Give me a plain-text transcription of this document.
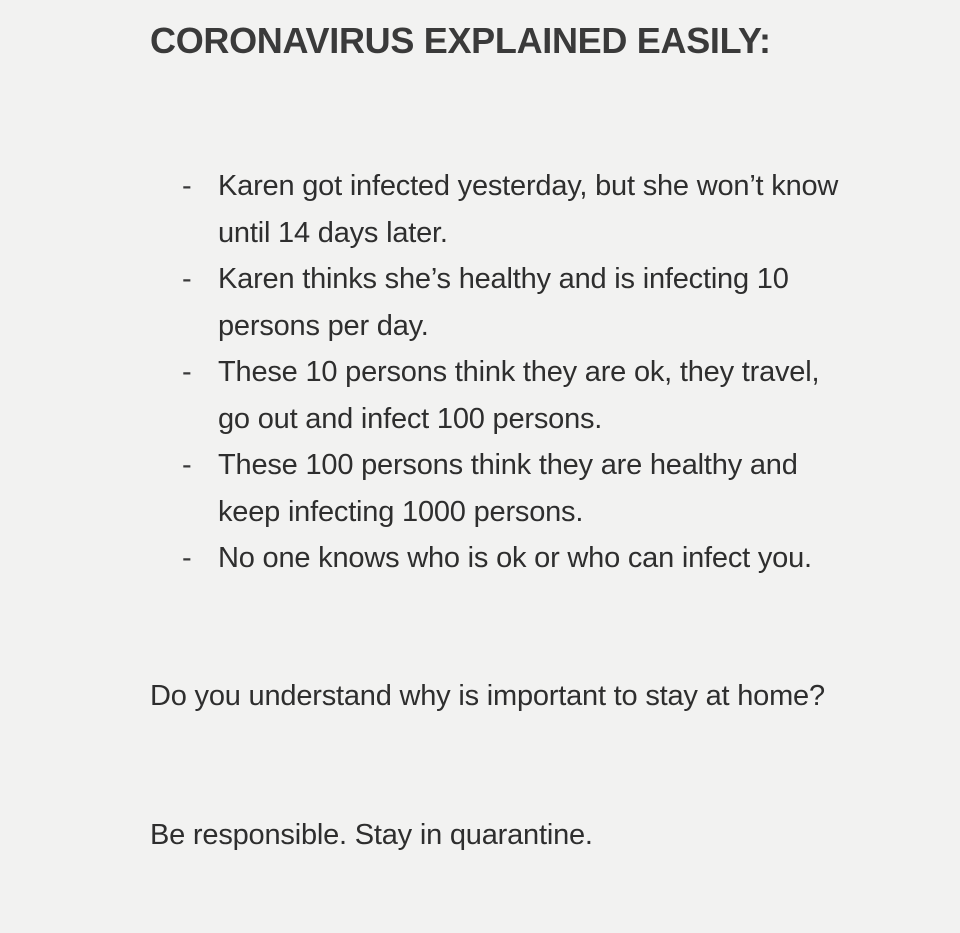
CORONAVIRUS EXPLAINED EASILY:
- Karen got infected yesterday, but she won’t know until 14 days later.
- Karen thinks she’s healthy and is infecting 10 persons per day.
- These 10 persons think they are ok, they travel, go out and infect 100 persons.
- These 100 persons think they are healthy and keep infecting 1000 persons.
- No one knows who is ok or who can infect you.

Do you understand why is important to stay at home?

Be responsible. Stay in quarantine.
